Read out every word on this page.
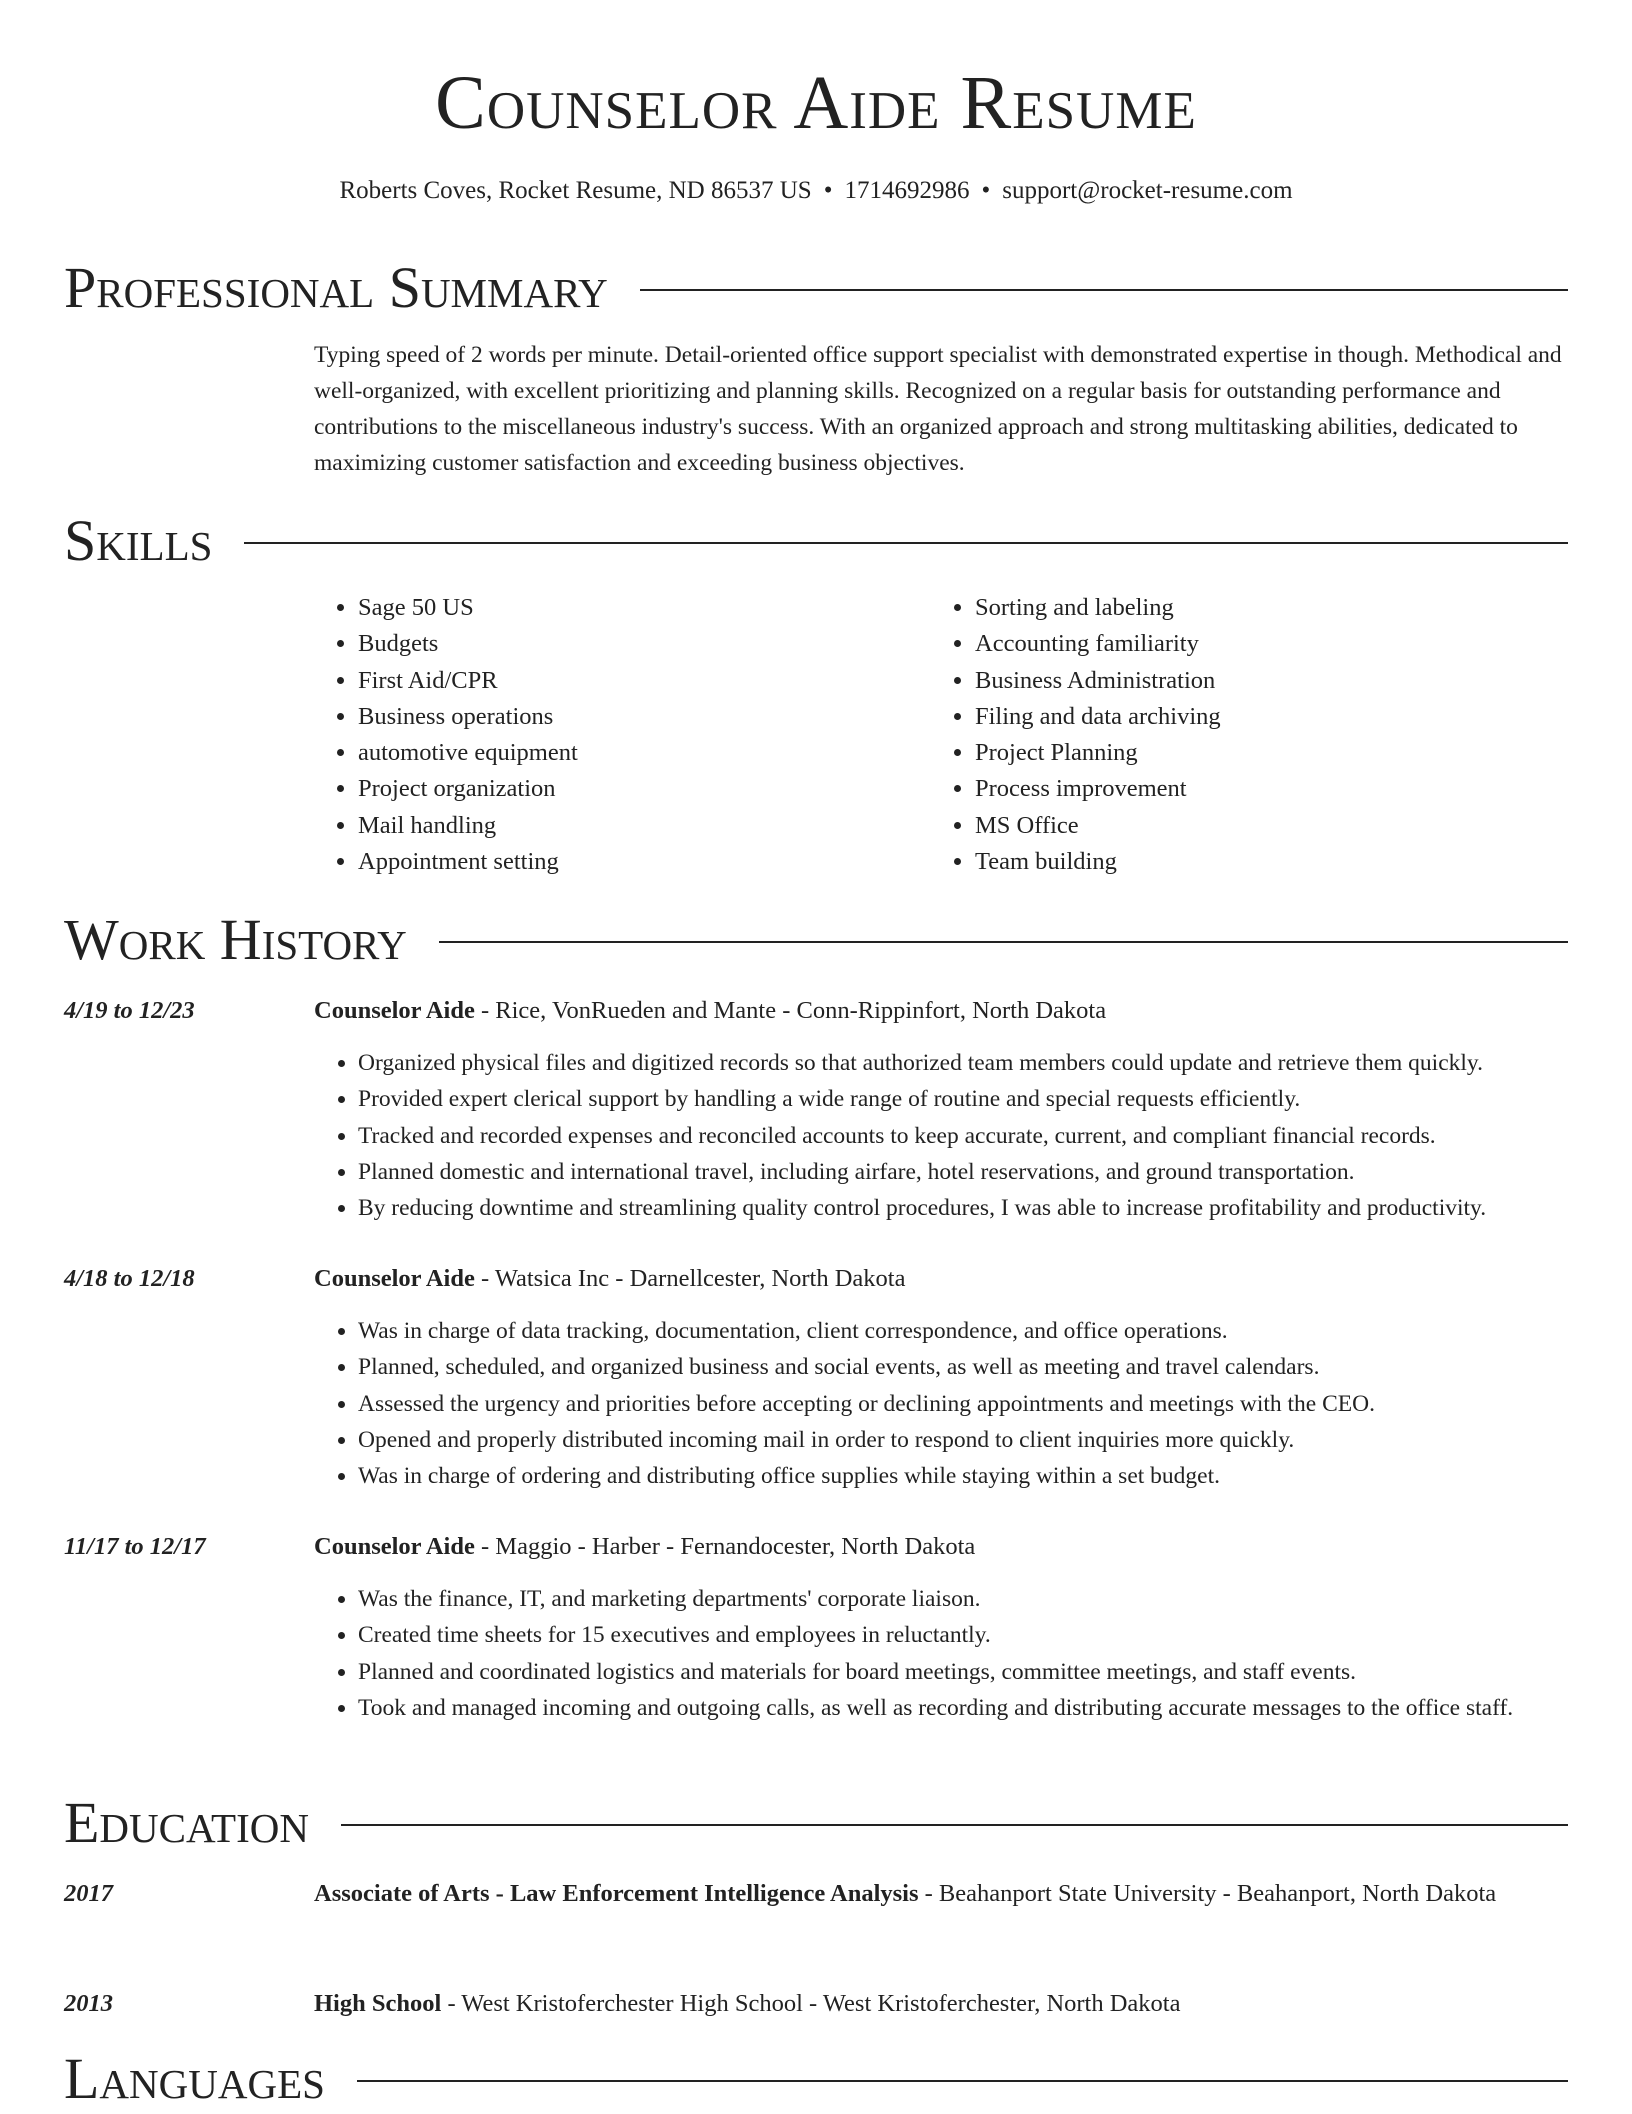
Counselor Aide Resume
Roberts Coves, Rocket Resume, ND 86537 US • 1714692986 • support@rocket-resume.com
Professional Summary

Typing speed of 2 words per minute. Detail-oriented office support specialist with demonstrated expertise in though. Methodical and well-organized, with excellent prioritizing and planning skills. Recognized on a regular basis for outstanding performance and contributions to the miscellaneous industry's success. With an organized approach and strong multitasking abilities, dedicated to maximizing customer satisfaction and exceeding business objectives.

Skills
• Sage 50 US
• Budgets
• First Aid/CPR
• Business operations
• automotive equipment
• Project organization
• Mail handling
• Appointment setting
• Sorting and labeling
• Accounting familiarity
• Business Administration
• Filing and data archiving
• Project Planning
• Process improvement
• MS Office
• Team building
Work History
4/19 to 12/23	Counselor Aide - Rice, VonRueden and Mante - Conn-Rippinfort, North Dakota
• Organized physical files and digitized records so that authorized team members could update and retrieve them quickly.
• Provided expert clerical support by handling a wide range of routine and special requests efficiently.
• Tracked and recorded expenses and reconciled accounts to keep accurate, current, and compliant financial records.
• Planned domestic and international travel, including airfare, hotel reservations, and ground transportation.
• By reducing downtime and streamlining quality control procedures, I was able to increase profitability and productivity.
4/18 to 12/18	Counselor Aide - Watsica Inc - Darnellcester, North Dakota
• Was in charge of data tracking, documentation, client correspondence, and office operations.
• Planned, scheduled, and organized business and social events, as well as meeting and travel calendars.
• Assessed the urgency and priorities before accepting or declining appointments and meetings with the CEO.
• Opened and properly distributed incoming mail in order to respond to client inquiries more quickly.
• Was in charge of ordering and distributing office supplies while staying within a set budget.
11/17 to 12/17	Counselor Aide - Maggio - Harber - Fernandocester, North Dakota
• Was the finance, IT, and marketing departments' corporate liaison.
• Created time sheets for 15 executives and employees in reluctantly.
• Planned and coordinated logistics and materials for board meetings, committee meetings, and staff events.
• Took and managed incoming and outgoing calls, as well as recording and distributing accurate messages to the office staff.
Education
2017	Associate of Arts - Law Enforcement Intelligence Analysis - Beahanport State University - Beahanport, North Dakota
2013	High School - West Kristoferchester High School - West Kristoferchester, North Dakota
Languages
